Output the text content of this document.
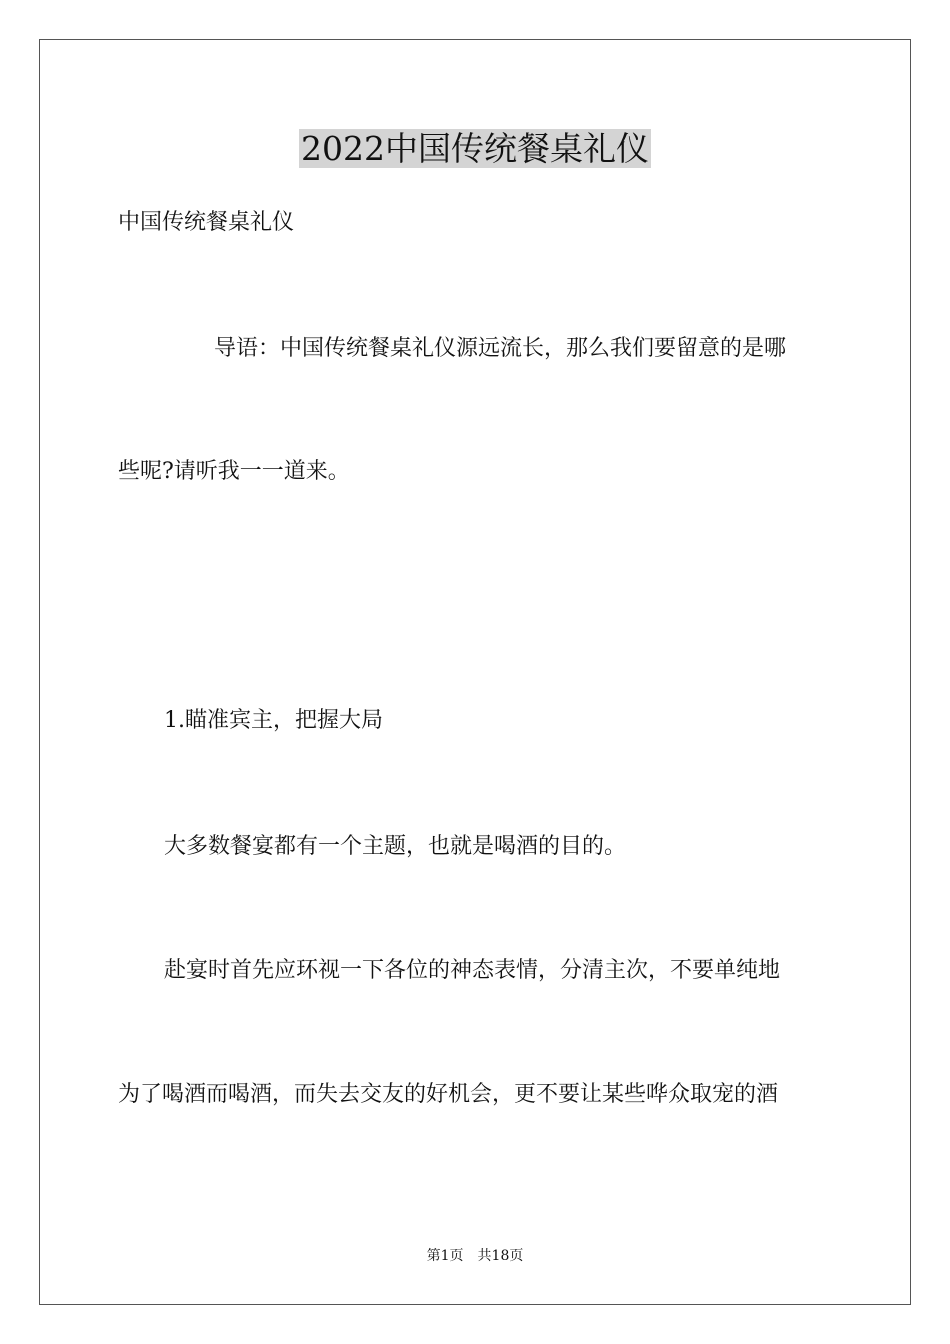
2022中国传统餐桌礼仪

中国传统餐桌礼仪

导语：中国传统餐桌礼仪源远流长，那么我们要留意的是哪

些呢?请听我一一道来。

1.瞄准宾主，把握大局

大多数餐宴都有一个主题，也就是喝酒的目的。

赴宴时首先应环视一下各位的神态表情，分清主次，不要单纯地

为了喝酒而喝酒，而失去交友的好机会，更不要让某些哗众取宠的酒

第1页 共18页
